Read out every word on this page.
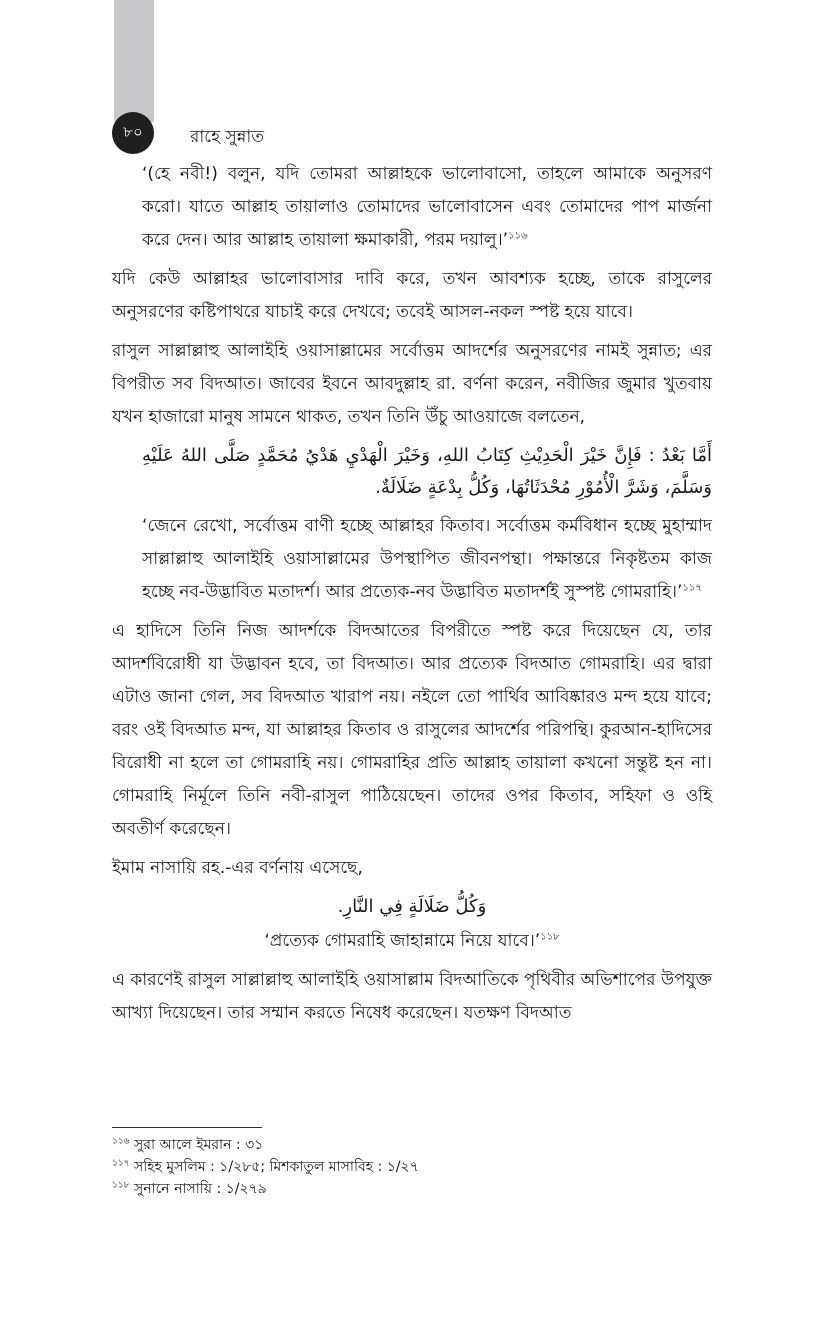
৮০	রাহে সুন্নাত

‘(হে নবী!) বলুন, যদি তোমরা আল্লাহকে ভালোবাসো, তাহলে আমাকে অনুসরণ করো। যাতে আল্লাহ তায়ালাও তোমাদের ভালোবাসেন এবং তোমাদের পাপ মার্জনা করে দেন। আর আল্লাহ তায়ালা ক্ষমাকারী, পরম দয়ালু।’$^{১১৬}$

যদি কেউ আল্লাহর ভালোবাসার দাবি করে, তখন আবশ্যক হচ্ছে, তাকে রাসুলের অনুসরণের কষ্টিপাথরে যাচাই করে দেখবে; তবেই আসল-নকল স্পষ্ট হয়ে যাবে।

রাসুল সাল্লাল্লাহু আলাইহি ওয়াসাল্লামের সর্বোত্তম আদর্শের অনুসরণের নামই সুন্নাত; এর বিপরীত সব বিদআত। জাবের ইবনে আবদুল্লাহ রা. বর্ণনা করেন, নবীজির জুমার খুতবায় যখন হাজারো মানুষ সামনে থাকত, তখন তিনি উঁচু আওয়াজে বলতেন,

أَمَّا بَعْدُ : فَإِنَّ خَيْرَ الْحَدِيْثِ كِتَابُ اللهِ، وَخَيْرَ الْهَدْيِ هَدْيُ مُحَمَّدٍ صَلَّى اللهُ عَلَيْهِ وَسَلَّمَ، وَشَرَّ الْأُمُوْرِ مُحْدَثَاتُهَا، وَكُلُّ بِدْعَةٍ ضَلَالَةٌ.

‘জেনে রেখো, সর্বোত্তম বাণী হচ্ছে আল্লাহর কিতাব। সর্বোত্তম কর্মবিধান হচ্ছে মুহাম্মাদ সাল্লাল্লাহু আলাইহি ওয়াসাল্লামের উপস্থাপিত জীবনপন্থা। পক্ষান্তরে নিকৃষ্টতম কাজ হচ্ছে নব-উদ্ভাবিত মতাদর্শ। আর প্রত্যেক-নব উদ্ভাবিত মতাদর্শই সুস্পষ্ট গোমরাহি।’$^{১১৭}$

এ হাদিসে তিনি নিজ আদর্শকে বিদআতের বিপরীতে স্পষ্ট করে দিয়েছেন যে, তার আদর্শবিরোধী যা উদ্ভাবন হবে, তা বিদআত। আর প্রত্যেক বিদআত গোমরাহি। এর দ্বারা এটাও জানা গেল, সব বিদআত খারাপ নয়। নইলে তো পার্থিব আবিষ্কারও মন্দ হয়ে যাবে; বরং ওই বিদআত মন্দ, যা আল্লাহর কিতাব ও রাসুলের আদর্শের পরিপন্থি। কুরআন-হাদিসের বিরোধী না হলে তা গোমরাহি নয়। গোমরাহির প্রতি আল্লাহ তায়ালা কখনো সন্তুষ্ট হন না। গোমরাহি নির্মূলে তিনি নবী-রাসুল পাঠিয়েছেন। তাদের ওপর কিতাব, সহিফা ও ওহি অবতীর্ণ করেছেন।

ইমাম নাসায়ি রহ.-এর বর্ণনায় এসেছে,

وَكُلُّ ضَلَالَةٍ فِي النَّارِ.

‘প্রত্যেক গোমরাহি জাহান্নামে নিয়ে যাবে।’$^{১১৮}$

এ কারণেই রাসুল সাল্লাল্লাহু আলাইহি ওয়াসাল্লাম বিদআতিকে পৃথিবীর অভিশাপের উপযুক্ত আখ্যা দিয়েছেন। তার সম্মান করতে নিষেধ করেছেন। যতক্ষণ বিদআত

$^{১১৬}$ সুরা আলে ইমরান : ৩১
$^{১১৭}$ সহিহ মুসলিম : ১/২৮৫; মিশকাতুল মাসাবিহ : ১/২৭
$^{১১৮}$ সুনানে নাসায়ি : ১/২৭৯
